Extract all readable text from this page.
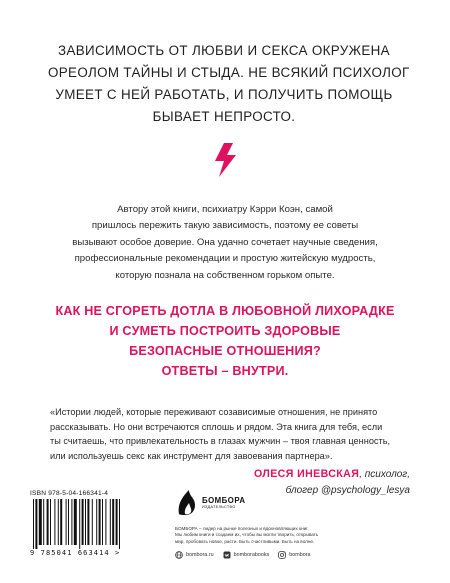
ЗАВИСИМОСТЬ ОТ ЛЮБВИ И СЕКСА ОКРУЖЕНА
ОРЕОЛОМ ТАЙНЫ И СТЫДА. НЕ ВСЯКИЙ ПСИХОЛОГ
УМЕЕТ С НЕЙ РАБОТАТЬ, И ПОЛУЧИТЬ ПОМОЩЬ
БЫВАЕТ НЕПРОСТО.
Автору этой книги, психиатру Кэрри Коэн, самой
пришлось пережить такую зависимость, поэтому ее советы
вызывают особое доверие. Она удачно сочетает научные сведения,
профессиональные рекомендации и простую житейскую мудрость,
которую познала на собственном горьком опыте.
КАК НЕ СГОРЕТЬ ДОТЛА В ЛЮБОВНОЙ ЛИХОРАДКЕ
И СУМЕТЬ ПОСТРОИТЬ ЗДОРОВЫЕ
БЕЗОПАСНЫЕ ОТНОШЕНИЯ?
ОТВЕТЫ – ВНУТРИ.
«Истории людей, которые переживают созависимые отношения, не принято
рассказывать. Но они встречаются сплошь и рядом. Эта книга для тебя, если
ты считаешь, что привлекательность в глазах мужчин – твоя главная ценность,
или используешь секс как инструмент для завоевания партнера».
ОЛЕСЯ ИНЕВСКАЯ, психолог,
блогер @psychology_lesya
ISBN 978-5-04-166341-4
9 785041 663414 >
БОМБОРА
ИЗДАТЕЛЬСТВО
БОМБОРА – лидер на рынке полезных и вдохновляющих книг.
Мы любим книги и создаем их, чтобы вы могли творить, открывать
мир, пробовать новое, расти. Быть счастливыми. Быть на волне.
bombora.ru	bomborabooks	bombora
